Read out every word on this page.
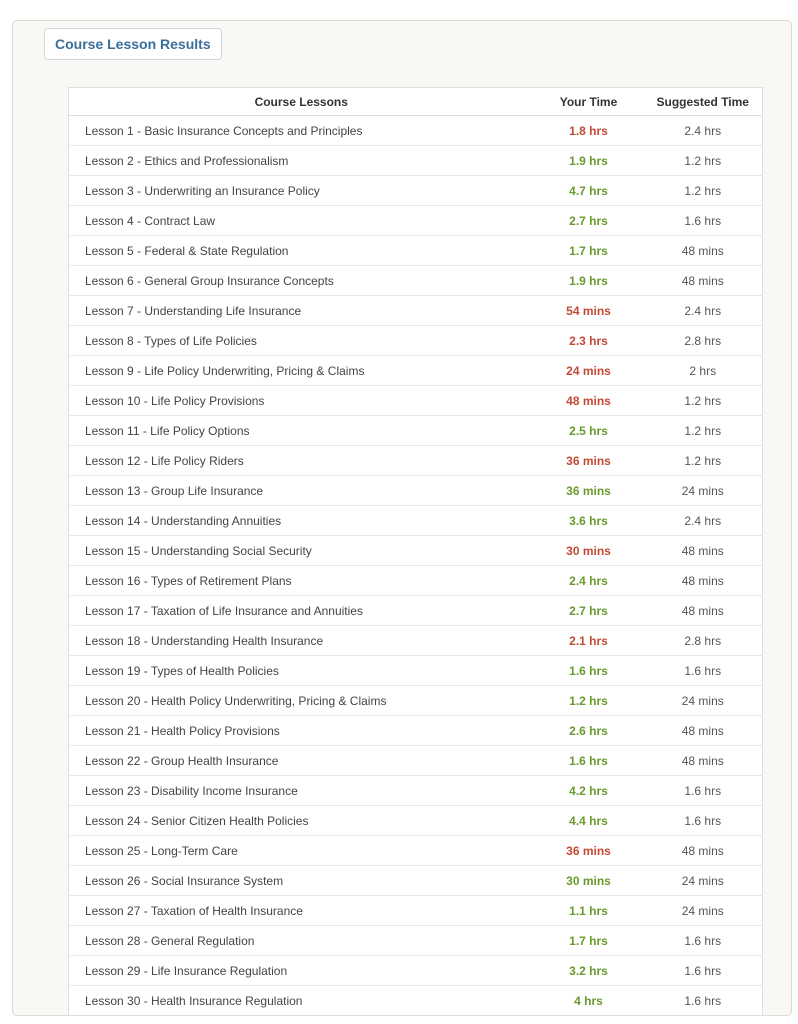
Course Lesson Results
Course Lessons	Your Time	Suggested Time
Lesson 1 - Basic Insurance Concepts and Principles	1.8 hrs	2.4 hrs
Lesson 2 - Ethics and Professionalism	1.9 hrs	1.2 hrs
Lesson 3 - Underwriting an Insurance Policy	4.7 hrs	1.2 hrs
Lesson 4 - Contract Law	2.7 hrs	1.6 hrs
Lesson 5 - Federal & State Regulation	1.7 hrs	48 mins
Lesson 6 - General Group Insurance Concepts	1.9 hrs	48 mins
Lesson 7 - Understanding Life Insurance	54 mins	2.4 hrs
Lesson 8 - Types of Life Policies	2.3 hrs	2.8 hrs
Lesson 9 - Life Policy Underwriting, Pricing & Claims	24 mins	2 hrs
Lesson 10 - Life Policy Provisions	48 mins	1.2 hrs
Lesson 11 - Life Policy Options	2.5 hrs	1.2 hrs
Lesson 12 - Life Policy Riders	36 mins	1.2 hrs
Lesson 13 - Group Life Insurance	36 mins	24 mins
Lesson 14 - Understanding Annuities	3.6 hrs	2.4 hrs
Lesson 15 - Understanding Social Security	30 mins	48 mins
Lesson 16 - Types of Retirement Plans	2.4 hrs	48 mins
Lesson 17 - Taxation of Life Insurance and Annuities	2.7 hrs	48 mins
Lesson 18 - Understanding Health Insurance	2.1 hrs	2.8 hrs
Lesson 19 - Types of Health Policies	1.6 hrs	1.6 hrs
Lesson 20 - Health Policy Underwriting, Pricing & Claims	1.2 hrs	24 mins
Lesson 21 - Health Policy Provisions	2.6 hrs	48 mins
Lesson 22 - Group Health Insurance	1.6 hrs	48 mins
Lesson 23 - Disability Income Insurance	4.2 hrs	1.6 hrs
Lesson 24 - Senior Citizen Health Policies	4.4 hrs	1.6 hrs
Lesson 25 - Long-Term Care	36 mins	48 mins
Lesson 26 - Social Insurance System	30 mins	24 mins
Lesson 27 - Taxation of Health Insurance	1.1 hrs	24 mins
Lesson 28 - General Regulation	1.7 hrs	1.6 hrs
Lesson 29 - Life Insurance Regulation	3.2 hrs	1.6 hrs
Lesson 30 - Health Insurance Regulation	4 hrs	1.6 hrs
